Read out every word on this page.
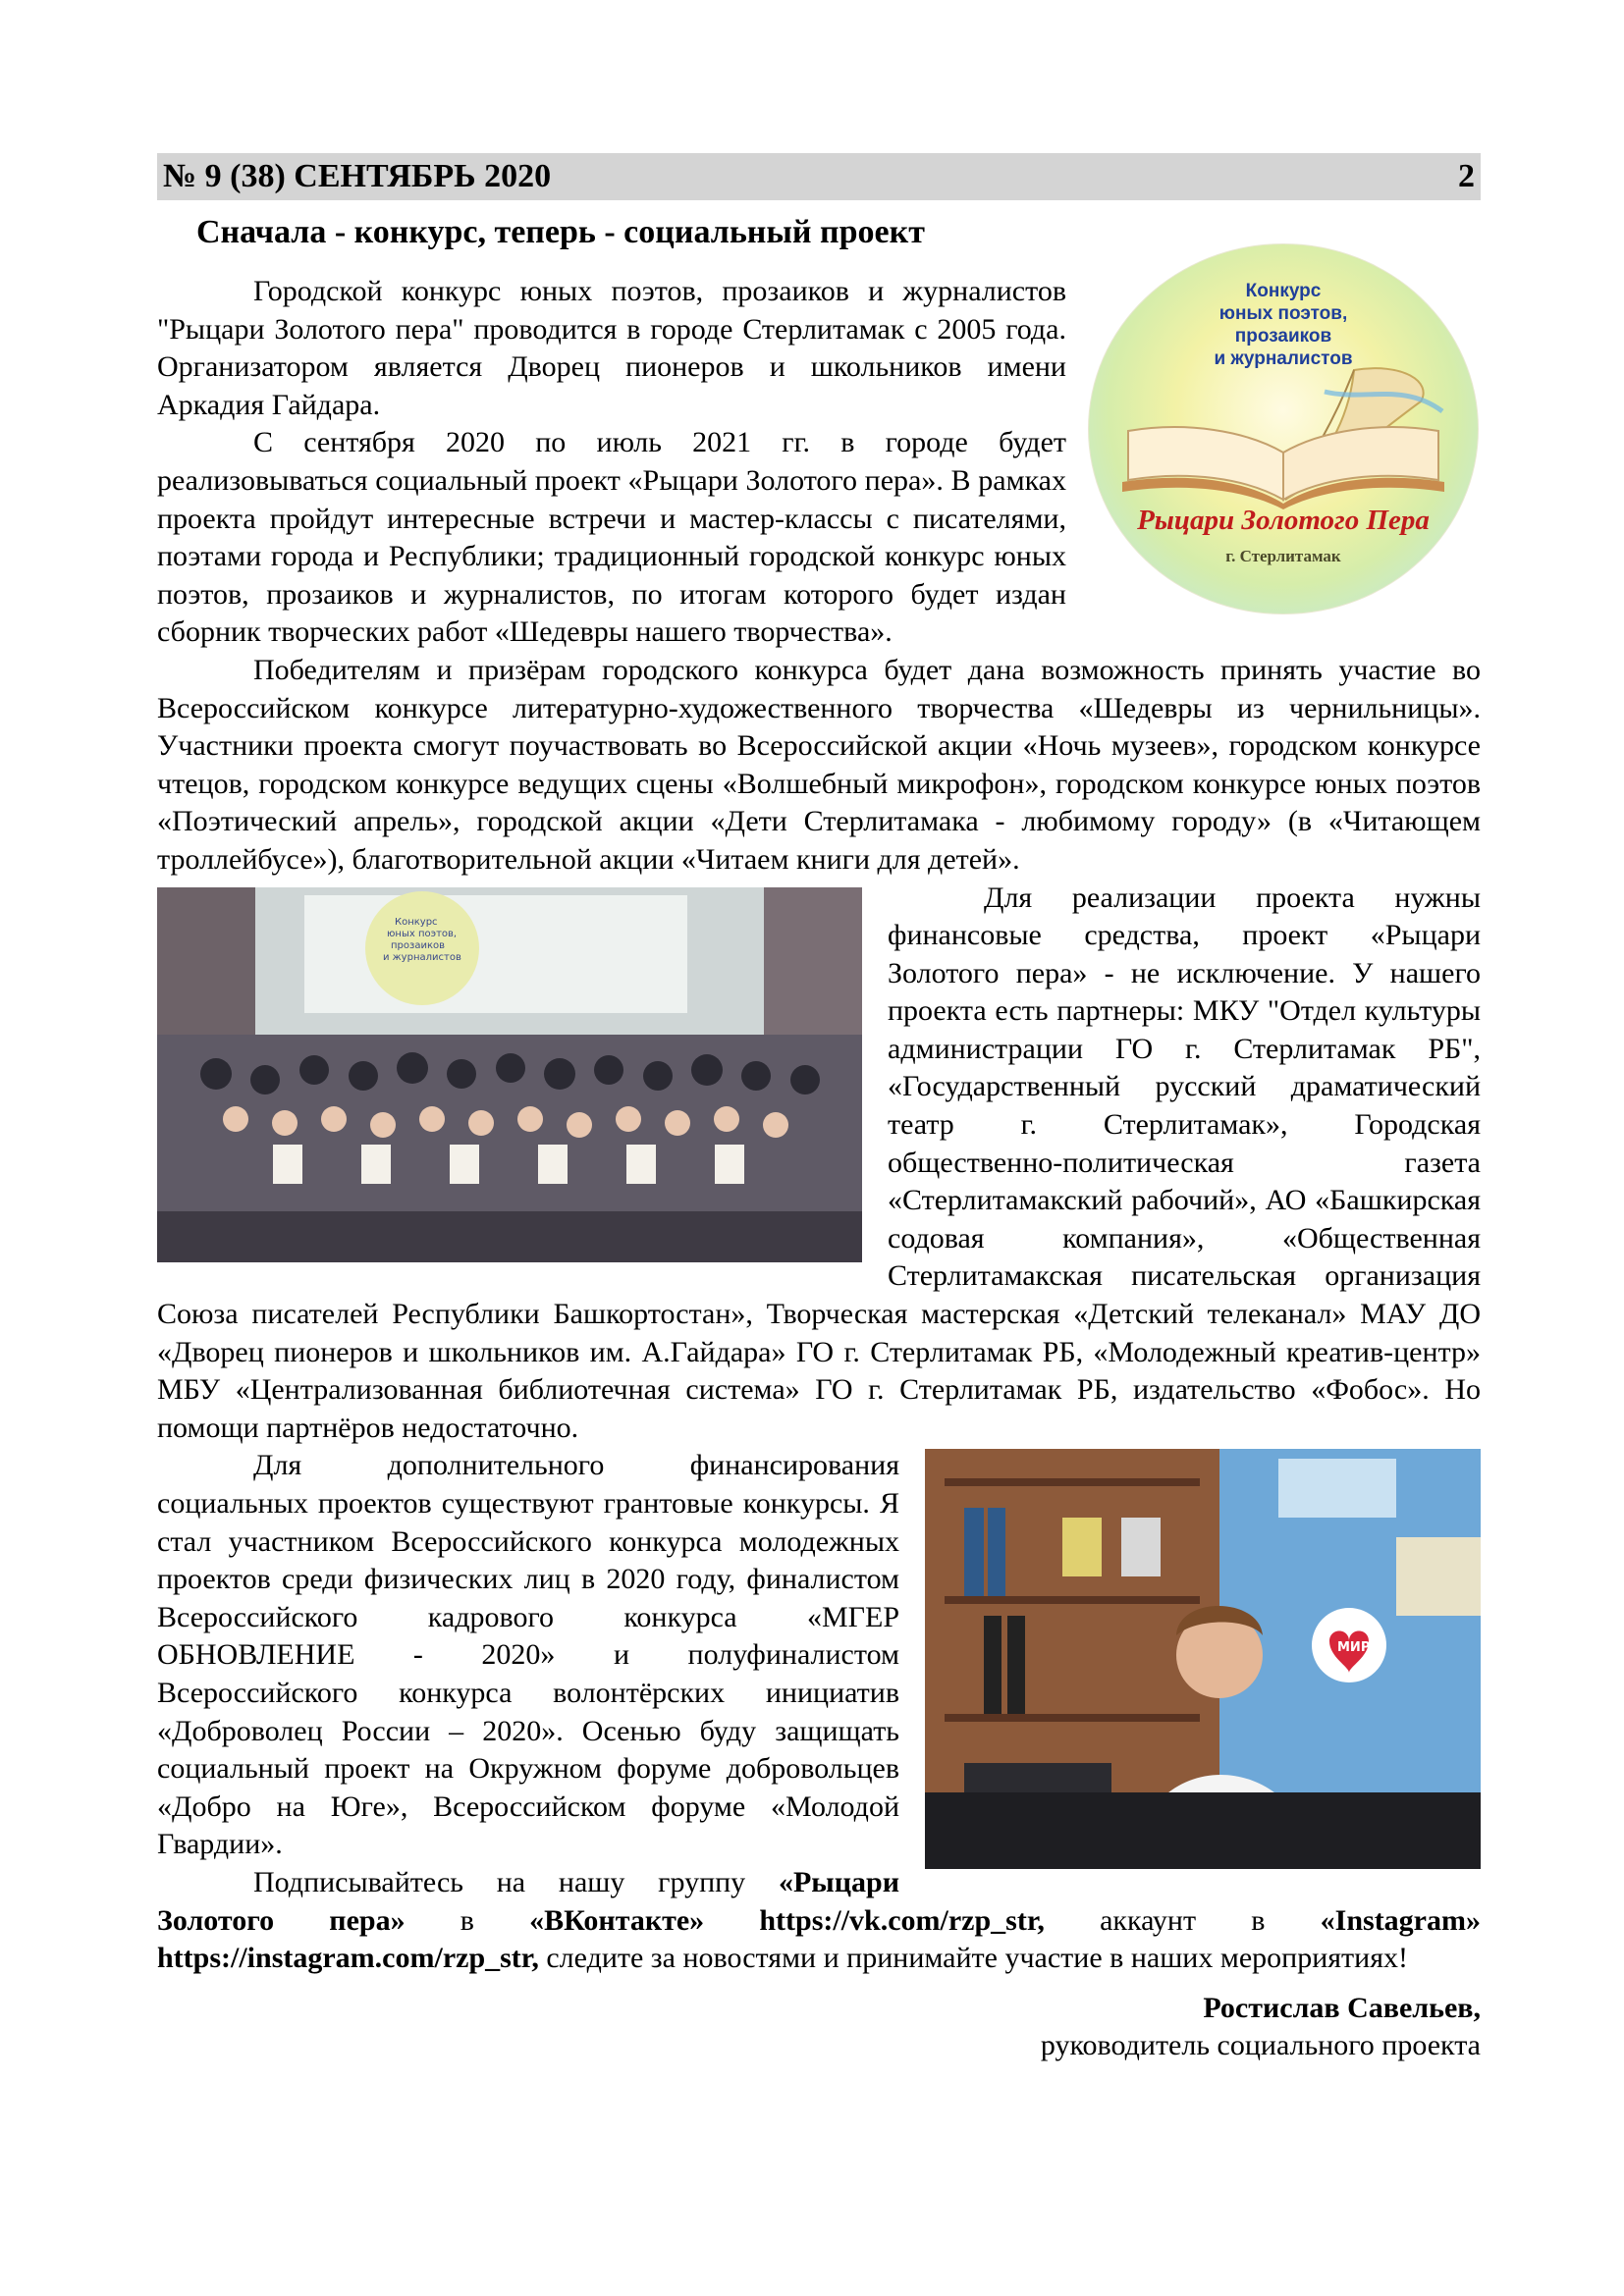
№ 9 (38) СЕНТЯБРЬ 2020	2
Сначала - конкурс, теперь - социальный проект
Конкурс
юных поэтов,
прозаиков
и журналистов
Рыцари Золотого Пера
г. Стерлитамак

Городской конкурс юных поэтов, прозаиков и журналистов "Рыцари Золотого пера" проводится в городе Стерлитамак с 2005 года. Организатором является Дворец пионеров и школьников имени Аркадия Гайдара.

С сентября 2020 по июль 2021 гг. в городе будет реализовываться социальный проект «Рыцари Золотого пера». В рамках проекта пройдут интересные встречи и мастер-классы с писателями, поэтами города и Республики; традиционный городской конкурс юных поэтов, прозаиков и журналистов, по итогам которого будет издан сборник творческих работ «Шедевры нашего творчества».

Победителям и призёрам городского конкурса будет дана возможность принять участие во Всероссийском конкурсе литературно-художественного творчества «Шедевры из чернильницы». Участники проекта смогут поучаствовать во Всероссийской акции «Ночь музеев», городском конкурсе чтецов, городском конкурсе ведущих сцены «Волшебный микрофон», городском конкурсе юных поэтов «Поэтический апрель», городской акции «Дети Стерлитамака - любимому городу» (в «Читающем троллейбусе»), благотворительной акции «Читаем книги для детей».

Конкурс
юных поэтов,
прозаиков
и журналистов

Для реализации проекта нужны финансовые средства, проект «Рыцари Золотого пера» - не исключение. У нашего проекта есть партнеры: МКУ "Отдел культуры администрации ГО г. Стерлитамак РБ", «Государственный русский драматический театр г. Стерлитамак», Городская общественно-политическая газета «Стерлитамакский рабочий», АО «Башкирская содовая компания», «Общественная Стерлитамакская писательская организация Союза писателей Республики Башкортостан», Творческая мастерская «Детский телеканал» МАУ ДО «Дворец пионеров и школьников им. А.Гайдара» ГО г. Стерлитамак РБ, «Молодежный креатив-центр» МБУ «Централизованная библиотечная система» ГО г. Стерлитамак РБ, издательство «Фобос». Но помощи партнёров недостаточно.

МИР

Для дополнительного финансирования социальных проектов существуют грантовые конкурсы. Я стал участником Всероссийского конкурса молодежных проектов среди физических лиц в 2020 году, финалистом Всероссийского кадрового конкурса «МГЕР ОБНОВЛЕНИЕ - 2020» и полуфиналистом Всероссийского конкурса волонтёрских инициатив «Доброволец России – 2020». Осенью буду защищать социальный проект на Окружном форуме добровольцев «Добро на Юге», Всероссийском форуме «Молодой Гвардии».

Подписывайтесь на нашу группу «Рыцари Золотого пера» в «ВКонтакте» https://vk.com/rzp_str, аккаунт в «Instagram» https://instagram.com/rzp_str, следите за новостями и принимайте участие в наших мероприятиях!

Ростислав Савельев,

руководитель социального проекта
